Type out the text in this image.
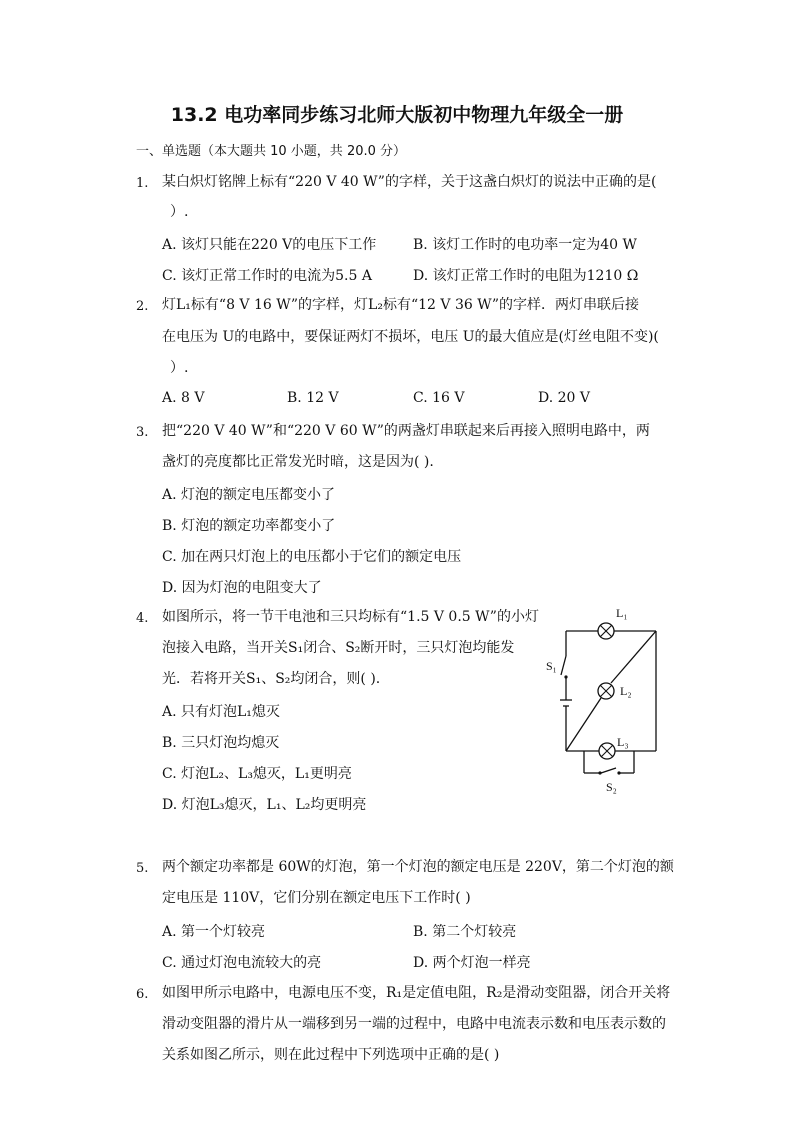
13.2 电功率同步练习北师大版初中物理九年级全一册
一、单选题（本大题共 10 小题，共 20.0 分）
1. 某白炽灯铭牌上标有“220 V 40 W”的字样，关于这盏白炽灯的说法中正确的是(
）.
A. 该灯只能在220 V的电压下工作	B. 该灯工作时的电功率一定为40 W
C. 该灯正常工作时的电流为5.5 A	D. 该灯正常工作时的电阻为1210 Ω
2. 灯L₁标有“8 V 16 W”的字样，灯L₂标有“12 V 36 W”的字样．两灯串联后接
在电压为 U的电路中，要保证两灯不损坏，电压 U的最大值应是(灯丝电阻不变)(
）.
A. 8 V	B. 12 V	C. 16 V	D. 20 V
3. 把“220 V 40 W”和“220 V 60 W”的两盏灯串联起来后再接入照明电路中，两
盏灯的亮度都比正常发光时暗，这是因为( ).
A. 灯泡的额定电压都变小了
B. 灯泡的额定功率都变小了
C. 加在两只灯泡上的电压都小于它们的额定电压
D. 因为灯泡的电阻变大了
4. 如图所示，将一节干电池和三只均标有“1.5 V 0.5 W”的小灯
泡接入电路，当开关S₁闭合、S₂断开时，三只灯泡均能发
光．若将开关S₁、S₂均闭合，则( ).
A. 只有灯泡L₁熄灭
B. 三只灯泡均熄灭
C. 灯泡L₂、L₃熄灭，L₁更明亮
D. 灯泡L₃熄灭，L₁、L₂均更明亮
L₁
L₂
L₃
S₁
S₂
5. 两个额定功率都是 60W的灯泡，第一个灯泡的额定电压是 220V，第二个灯泡的额
定电压是 110V，它们分别在额定电压下工作时( )
A. 第一个灯较亮	B. 第二个灯较亮
C. 通过灯泡电流较大的亮	D. 两个灯泡一样亮
6. 如图甲所示电路中，电源电压不变，R₁是定值电阻，R₂是滑动变阻器，闭合开关将
滑动变阻器的滑片从一端移到另一端的过程中，电路中电流表示数和电压表示数的
关系如图乙所示，则在此过程中下列选项中正确的是( )
